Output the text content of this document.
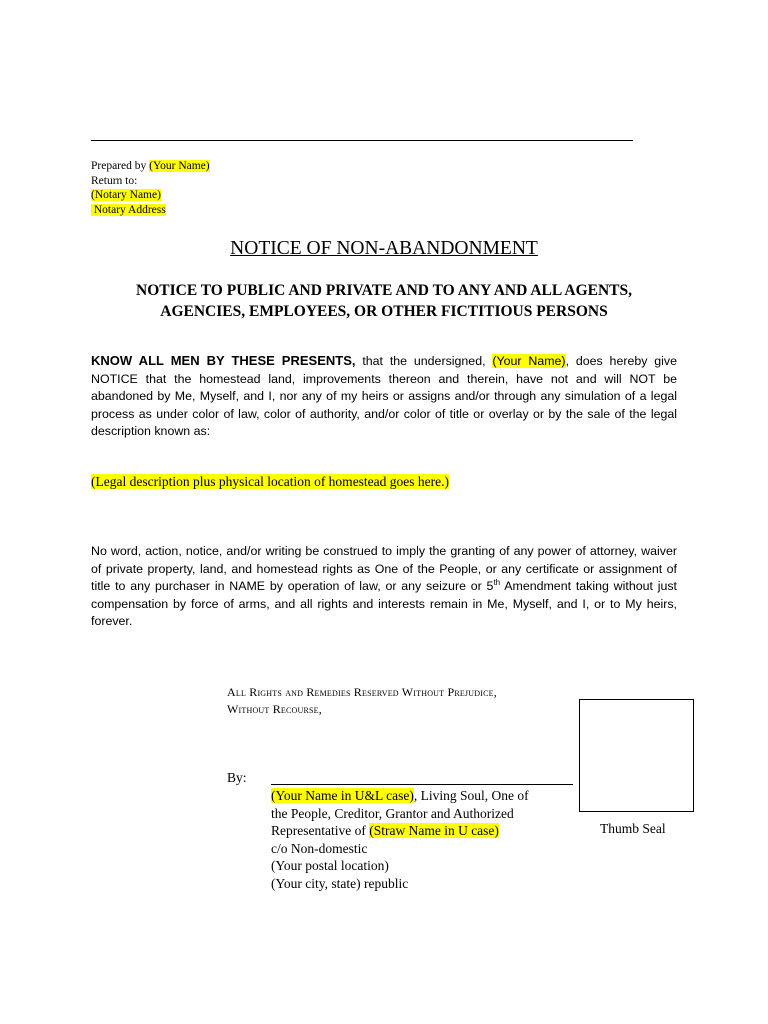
Prepared by (Your Name)
Return to:
(Notary Name)
Notary Address
NOTICE OF NON-ABANDONMENT
NOTICE TO PUBLIC AND PRIVATE AND TO ANY AND ALL AGENTS,
AGENCIES, EMPLOYEES, OR OTHER FICTITIOUS PERSONS
KNOW ALL MEN BY THESE PRESENTS, that the undersigned, (Your Name), does hereby give NOTICE that the homestead land, improvements thereon and therein, have not and will NOT be abandoned by Me, Myself, and I, nor any of my heirs or assigns and/or through any simulation of a legal process as under color of law, color of authority, and/or color of title or overlay or by the sale of the legal description known as:
(Legal description plus physical location of homestead goes here.)
No word, action, notice, and/or writing be construed to imply the granting of any power of attorney, waiver of private property, land, and homestead rights as One of the People, or any certificate or assignment of title to any purchaser in NAME by operation of law, or any seizure or 5th Amendment taking without just compensation by force of arms, and all rights and interests remain in Me, Myself, and I, or to My heirs, forever.
All Rights and Remedies Reserved Without Prejudice,
Without Recourse,
By:
(Your Name in U&L case), Living Soul, One of
the People, Creditor, Grantor and Authorized
Representative of (Straw Name in U case)
c/o Non-domestic
(Your postal location)
(Your city, state) republic
Thumb Seal
